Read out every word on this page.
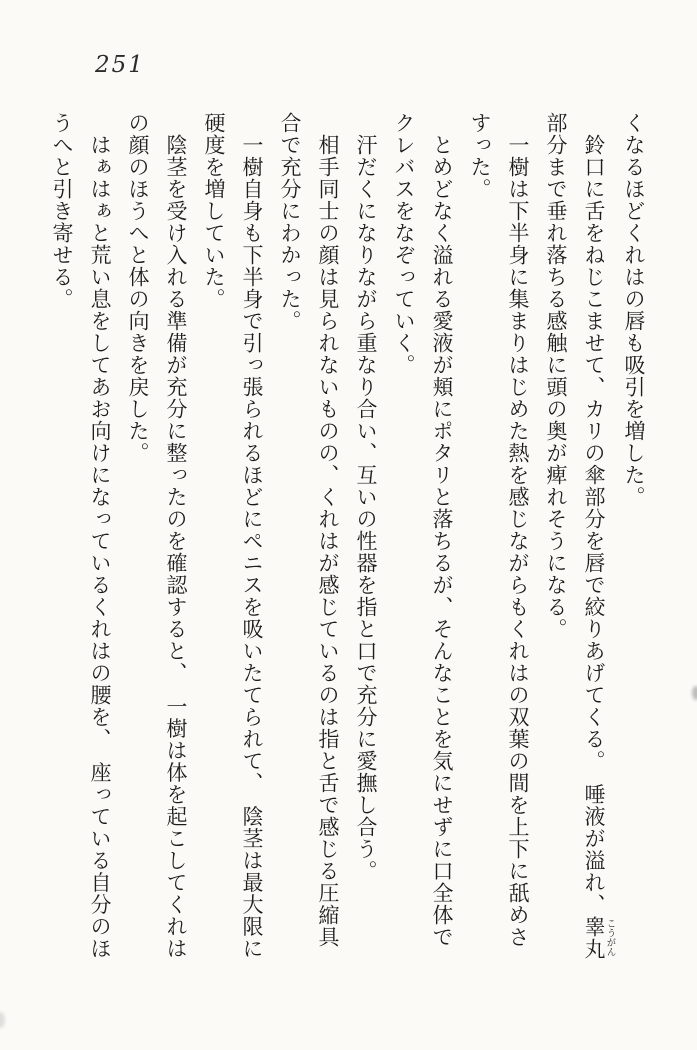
251
くなるほどくれはの唇も吸引を増した。
　鈴口に舌をねじこませて、カリの傘部分を唇で絞りあげてくる。　唾液が溢れ、睾丸こうがん
部分まで垂れ落ちる感触に頭の奥が痺れそうになる。
　一樹は下半身に集まりはじめた熱を感じながらもくれはの双葉の間を上下に舐めさ
すった。
　とめどなく溢れる愛液が頬にポタリと落ちるが、そんなことを気にせずに口全体で
クレバスをなぞっていく。
　汗だくになりながら重なり合い、互いの性器を指と口で充分に愛撫し合う。
　相手同士の顔は見られないものの、くれはが感じているのは指と舌で感じる圧縮具
合で充分にわかった。
　一樹自身も下半身で引っ張られるほどにペニスを吸いたてられて、　陰茎は最大限に
硬度を増していた。
　陰茎を受け入れる準備が充分に整ったのを確認すると、　一樹は体を起こしてくれは
の顔のほうへと体の向きを戻した。
　はぁはぁと荒い息をしてあお向けになっているくれはの腰を、　座っている自分のほ
うへと引き寄せる。
